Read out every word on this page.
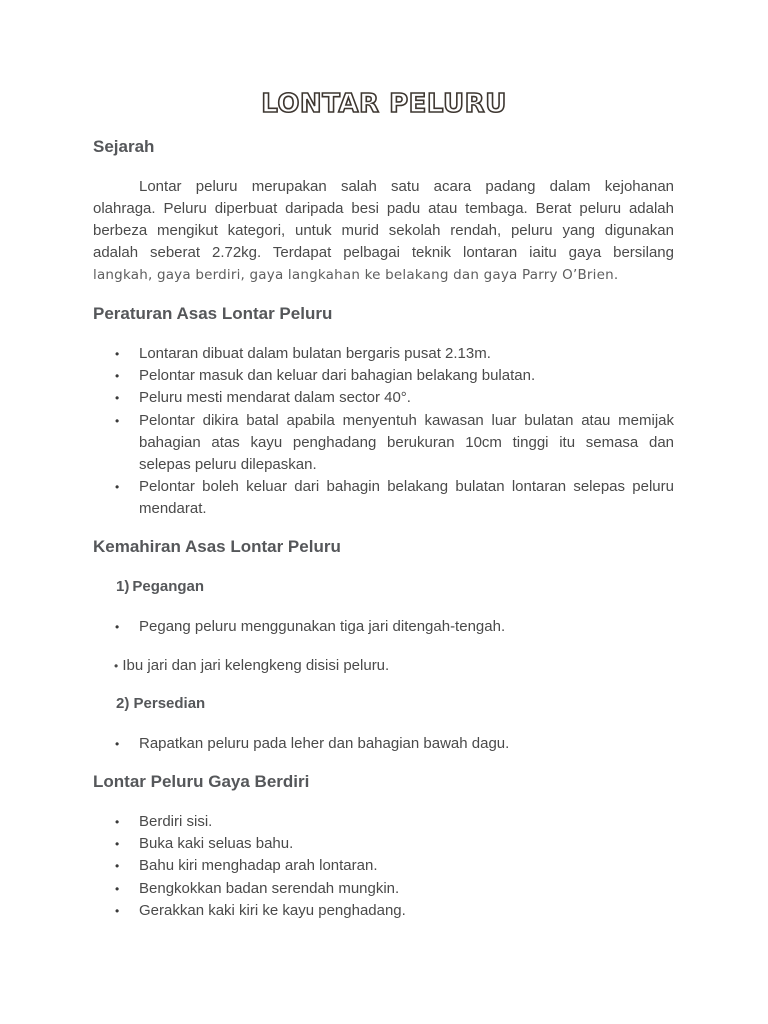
LONTAR PELURU
Sejarah
Lontar peluru merupakan salah satu acara padang dalam kejohanan
olahraga. Peluru diperbuat daripada besi padu atau tembaga. Berat peluru adalah
berbeza mengikut kategori, untuk murid sekolah rendah, peluru yang digunakan
adalah seberat 2.72kg. Terdapat pelbagai teknik lontaran iaitu gaya bersilang
langkah, gaya berdiri, gaya langkahan ke belakang dan gaya Parry O’Brien.
Peraturan Asas Lontar Peluru
• Lontaran dibuat dalam bulatan bergaris pusat 2.13m.
• Pelontar masuk dan keluar dari bahagian belakang bulatan.
• Peluru mesti mendarat dalam sector 40°.
• Pelontar dikira batal apabila menyentuh kawasan luar bulatan atau memijak
bahagian atas kayu penghadang berukuran 10cm tinggi itu semasa dan
selepas peluru dilepaskan.
• Pelontar boleh keluar dari bahagin belakang bulatan lontaran selepas peluru
mendarat.
Kemahiran Asas Lontar Peluru
1) Pegangan
• Pegang peluru menggunakan tiga jari ditengah-tengah.
• Ibu jari dan jari kelengkeng disisi peluru.
2) Persedian
• Rapatkan peluru pada leher dan bahagian bawah dagu.
Lontar Peluru Gaya Berdiri
• Berdiri sisi.
• Buka kaki seluas bahu.
• Bahu kiri menghadap arah lontaran.
• Bengkokkan badan serendah mungkin.
• Gerakkan kaki kiri ke kayu penghadang.
